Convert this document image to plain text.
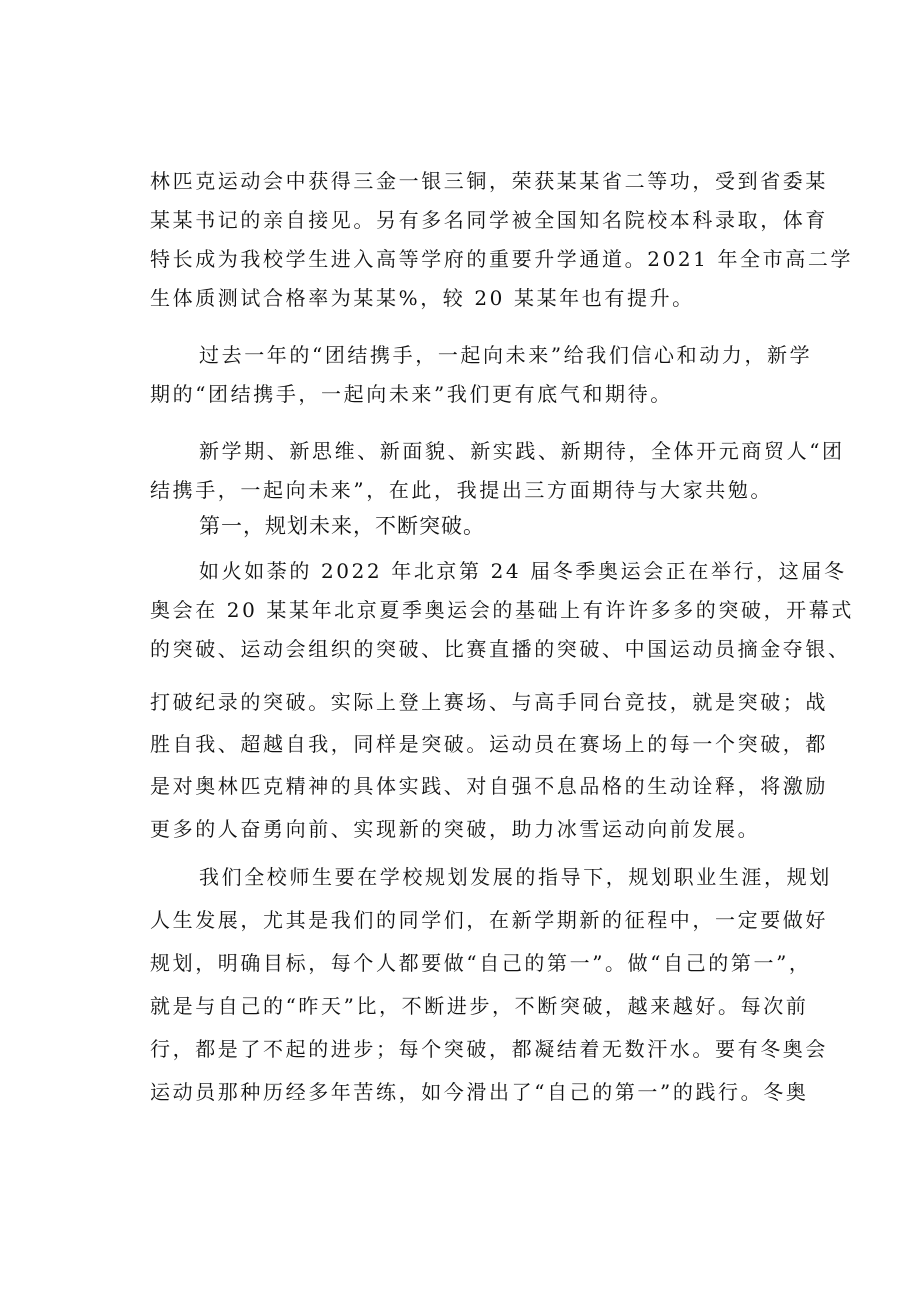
林匹克运动会中获得三金一银三铜，荣获某某省二等功，受到省委某
某某书记的亲自接见。另有多名同学被全国知名院校本科录取，体育
特长成为我校学生进入高等学府的重要升学通道。2021 年全市高二学
生体质测试合格率为某某%，较 20 某某年也有提升。
过去一年的“团结携手，一起向未来”给我们信心和动力，新学
期的“团结携手，一起向未来”我们更有底气和期待。
新学期、新思维、新面貌、新实践、新期待，全体开元商贸人“团
结携手，一起向未来”，在此，我提出三方面期待与大家共勉。
第一，规划未来，不断突破。
如火如荼的 2022 年北京第 24 届冬季奥运会正在举行，这届冬
奥会在 20 某某年北京夏季奥运会的基础上有许许多多的突破，开幕式
的突破、运动会组织的突破、比赛直播的突破、中国运动员摘金夺银、
打破纪录的突破。实际上登上赛场、与高手同台竞技，就是突破；战
胜自我、超越自我，同样是突破。运动员在赛场上的每一个突破，都
是对奥林匹克精神的具体实践、对自强不息品格的生动诠释，将激励
更多的人奋勇向前、实现新的突破，助力冰雪运动向前发展。
我们全校师生要在学校规划发展的指导下，规划职业生涯，规划
人生发展，尤其是我们的同学们，在新学期新的征程中，一定要做好
规划，明确目标，每个人都要做“自己的第一”。做“自己的第一”，
就是与自己的“昨天”比，不断进步，不断突破，越来越好。每次前
行，都是了不起的进步；每个突破，都凝结着无数汗水。要有冬奥会
运动员那种历经多年苦练，如今滑出了“自己的第一”的践行。冬奥
